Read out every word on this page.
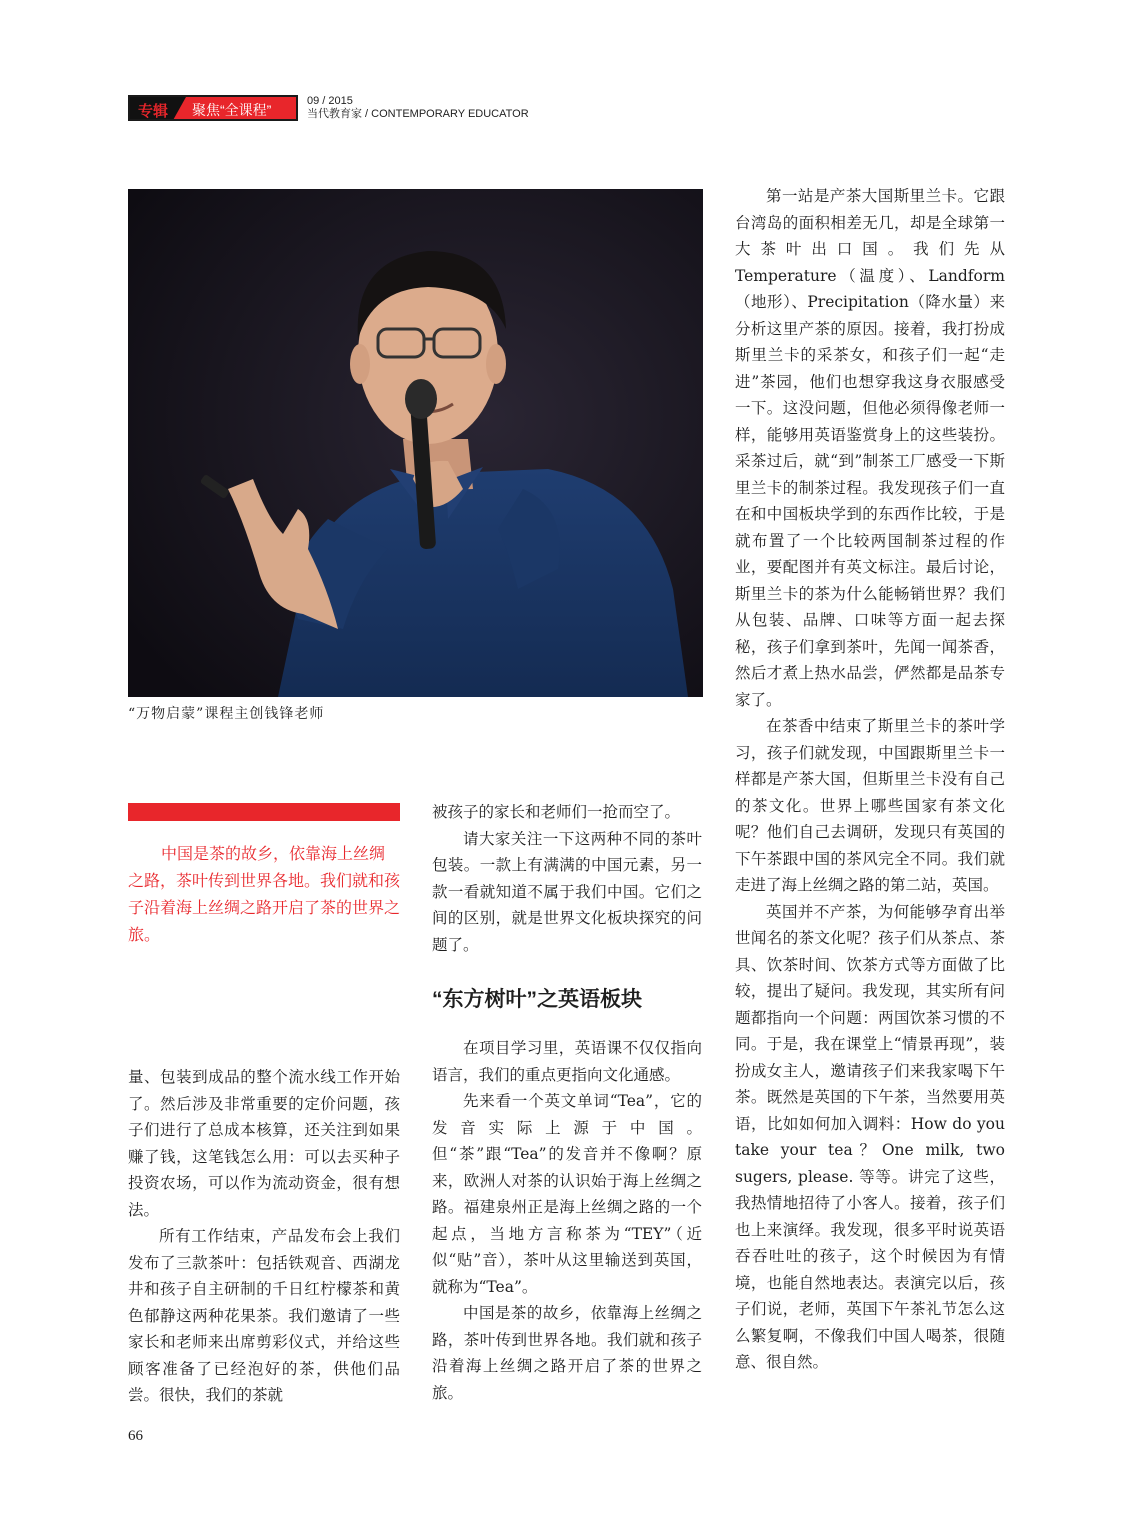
专辑 聚焦“全课程”
09 / 2015
当代教育家 / CONTEMPORARY EDUCATOR
“万物启蒙”课程主创钱锋老师
中国是茶的故乡，依靠海上丝绸之路，茶叶传到世界各地。我们就和孩子沿着海上丝绸之路开启了茶的世界之旅。

量、包装到成品的整个流水线工作开始了。然后涉及非常重要的定价问题，孩子们进行了总成本核算，还关注到如果赚了钱，这笔钱怎么用：可以去买种子投资农场，可以作为流动资金，很有想法。

所有工作结束，产品发布会上我们发布了三款茶叶：包括铁观音、西湖龙井和孩子自主研制的千日红柠檬茶和黄色郁静这两种花果茶。我们邀请了一些家长和老师来出席剪彩仪式，并给这些顾客准备了已经泡好的茶，供他们品尝。很快，我们的茶就

被孩子的家长和老师们一抢而空了。

请大家关注一下这两种不同的茶叶包装。一款上有满满的中国元素，另一款一看就知道不属于我们中国。它们之间的区别，就是世界文化板块探究的问题了。

“东方树叶”之英语板块

在项目学习里，英语课不仅仅指向语言，我们的重点更指向文化通感。

先来看一个英文单词“Tea”，它的发音实际上源于中国。但“茶”跟“Tea”的发音并不像啊？原来，欧洲人对茶的认识始于海上丝绸之路。福建泉州正是海上丝绸之路的一个起点，当地方言称茶为“TEY”（近似“贴”音），茶叶从这里输送到英国，就称为“Tea”。

中国是茶的故乡，依靠海上丝绸之路，茶叶传到世界各地。我们就和孩子沿着海上丝绸之路开启了茶的世界之旅。

第一站是产茶大国斯里兰卡。它跟台湾岛的面积相差无几，却是全球第一大茶叶出口国。我们先从Temperature（温度）、Landform（地形）、Precipitation（降水量）来分析这里产茶的原因。接着，我打扮成斯里兰卡的采茶女，和孩子们一起“走进”茶园，他们也想穿我这身衣服感受一下。这没问题，但他必须得像老师一样，能够用英语鉴赏身上的这些装扮。采茶过后，就“到”制茶工厂感受一下斯里兰卡的制茶过程。我发现孩子们一直在和中国板块学到的东西作比较，于是就布置了一个比较两国制茶过程的作业，要配图并有英文标注。最后讨论，斯里兰卡的茶为什么能畅销世界？我们从包装、品牌、口味等方面一起去探秘，孩子们拿到茶叶，先闻一闻茶香，然后才煮上热水品尝，俨然都是品茶专家了。

在茶香中结束了斯里兰卡的茶叶学习，孩子们就发现，中国跟斯里兰卡一样都是产茶大国，但斯里兰卡没有自己的茶文化。世界上哪些国家有茶文化呢？他们自己去调研，发现只有英国的下午茶跟中国的茶风完全不同。我们就走进了海上丝绸之路的第二站，英国。

英国并不产茶，为何能够孕育出举世闻名的茶文化呢？孩子们从茶点、茶具、饮茶时间、饮茶方式等方面做了比较，提出了疑问。我发现，其实所有问题都指向一个问题：两国饮茶习惯的不同。于是，我在课堂上“情景再现”，装扮成女主人，邀请孩子们来我家喝下午茶。既然是英国的下午茶，当然要用英语，比如如何加入调料：How do you take your tea？One milk, two sugers, please. 等等。讲完了这些，我热情地招待了小客人。接着，孩子们也上来演绎。我发现，很多平时说英语吞吞吐吐的孩子，这个时候因为有情境，也能自然地表达。表演完以后，孩子们说，老师，英国下午茶礼节怎么这么繁复啊，不像我们中国人喝茶，很随意、很自然。

66
